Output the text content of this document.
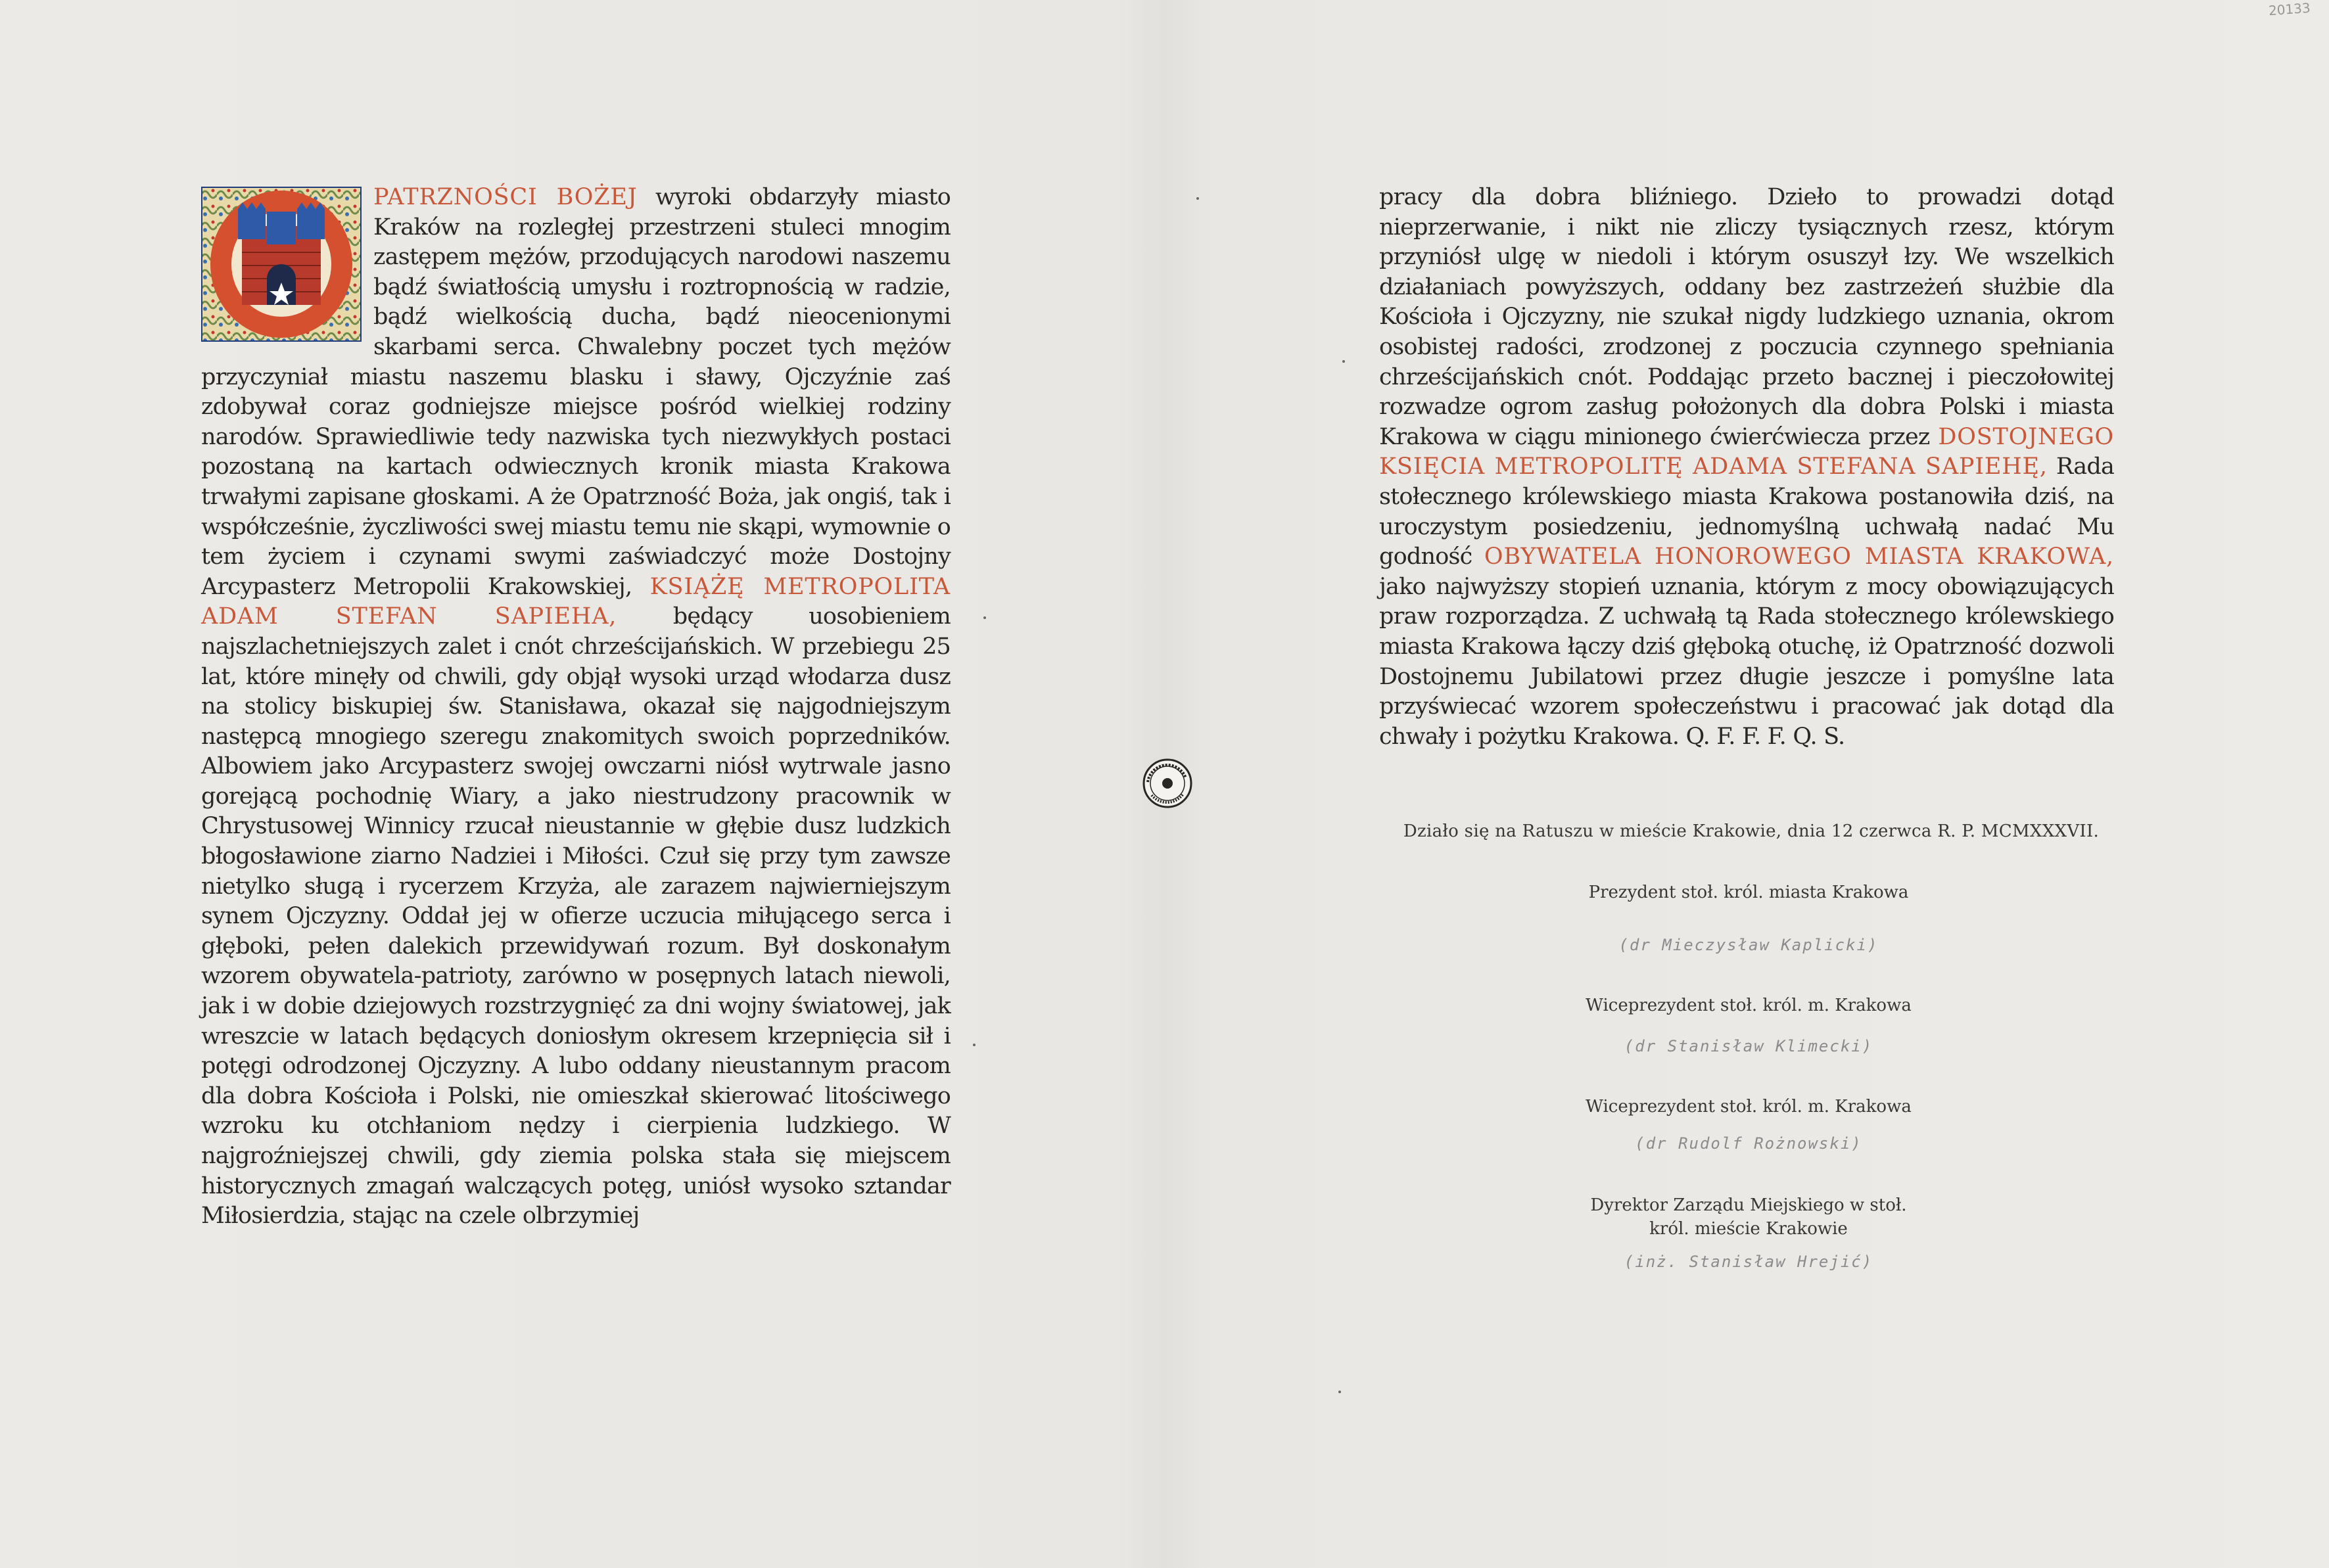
20133
PATRZNOŚCI BOŻEJ wyroki obdarzyły miasto Kraków na rozległej przestrzeni stuleci mnogim zastępem mężów, przodujących narodowi naszemu bądź światłością umysłu i roztropnością w radzie, bądź wielkością ducha, bądź nieocenionymi skarbami serca. Chwalebny poczet tych mężów przyczyniał miastu naszemu blasku i sławy, Ojczyźnie zaś zdobywał coraz godniejsze miejsce pośród wielkiej rodziny narodów. Sprawiedliwie tedy nazwiska tych niezwykłych postaci pozostaną na kartach odwiecznych kronik miasta Krakowa trwałymi zapisane głoskami. A że Opatrzność Boża, jak ongiś, tak i współcześnie, życzliwości swej miastu temu nie skąpi, wymownie o tem życiem i czynami swymi zaświadczyć może Dostojny Arcypasterz Metropolii Krakowskiej, KSIĄŻĘ METROPOLITA ADAM STEFAN SAPIEHA, będący uosobieniem najszlachetniejszych zalet i cnót chrześcijańskich. W przebiegu 25 lat, które minęły od chwili, gdy objął wysoki urząd włodarza dusz na stolicy biskupiej św. Stanisława, okazał się najgodniejszym następcą mnogiego szeregu znakomitych swoich poprzedników. Albowiem jako Arcypasterz swojej owczarni niósł wytrwale jasno gorejącą pochodnię Wiary, a jako niestrudzony pracownik w Chrystusowej Winnicy rzucał nieustannie w głębie dusz ludzkich błogosławione ziarno Nadziei i Miłości. Czuł się przy tym zawsze nietylko sługą i rycerzem Krzyża, ale zarazem najwierniejszym synem Ojczyzny. Oddał jej w ofierze uczucia miłującego serca i głęboki, pełen dalekich przewidywań rozum. Był doskonałym wzorem obywatela-patrioty, zarówno w posępnych latach niewoli, jak i w dobie dziejowych rozstrzygnięć za dni wojny światowej, jak wreszcie w latach będących doniosłym okresem krzepnięcia sił i potęgi odrodzonej Ojczyzny. A lubo oddany nieustannym pracom dla dobra Kościoła i Polski, nie omieszkał skierować litościwego wzroku ku otchłaniom nędzy i cierpienia ludzkiego. W najgroźniejszej chwili, gdy ziemia polska stała się miejscem historycznych zmagań walczących potęg, uniósł wysoko sztandar Miłosierdzia, stając na czele olbrzymiej
pracy dla dobra bliźniego. Dzieło to prowadzi dotąd nieprzerwanie, i nikt nie zliczy tysiącznych rzesz, którym przyniósł ulgę w niedoli i którym osuszył łzy. We wszelkich działaniach powyższych, oddany bez zastrzeżeń służbie dla Kościoła i Ojczyzny, nie szukał nigdy ludzkiego uznania, okrom osobistej radości, zrodzonej z poczucia czynnego spełniania chrześcijańskich cnót. Poddając przeto bacznej i pieczołowitej rozwadze ogrom zasług położonych dla dobra Polski i miasta Krakowa w ciągu minionego ćwierćwiecza przez DOSTOJNEGO KSIĘCIA METROPOLITĘ ADAMA STEFANA SAPIEHĘ, Rada stołecznego królewskiego miasta Krakowa postanowiła dziś, na uroczystym posiedzeniu, jednomyślną uchwałą nadać Mu godność OBYWATELA HONOROWEGO MIASTA KRAKOWA, jako najwyższy stopień uznania, którym z mocy obowiązujących praw rozporządza. Z uchwałą tą Rada stołecznego królewskiego miasta Krakowa łączy dziś głęboką otuchę, iż Opatrzność dozwoli Dostojnemu Jubilatowi przez długie jeszcze i pomyślne lata przyświecać wzorem społeczeństwu i pracować jak dotąd dla chwały i pożytku Krakowa. Q. F. F. F. Q. S.
Działo się na Ratuszu w mieście Krakowie, dnia 12 czerwca R. P. MCMXXXVII.
Prezydent stoł. król. miasta Krakowa
(dr Mieczysław Kaplicki)
Wiceprezydent stoł. król. m. Krakowa
(dr Stanisław Klimecki)
Wiceprezydent stoł. król. m. Krakowa
(dr Rudolf Rożnowski)
Dyrektor Zarządu Miejskiego w stoł.
król. mieście Krakowie
(inż. Stanisław Hrejić)
